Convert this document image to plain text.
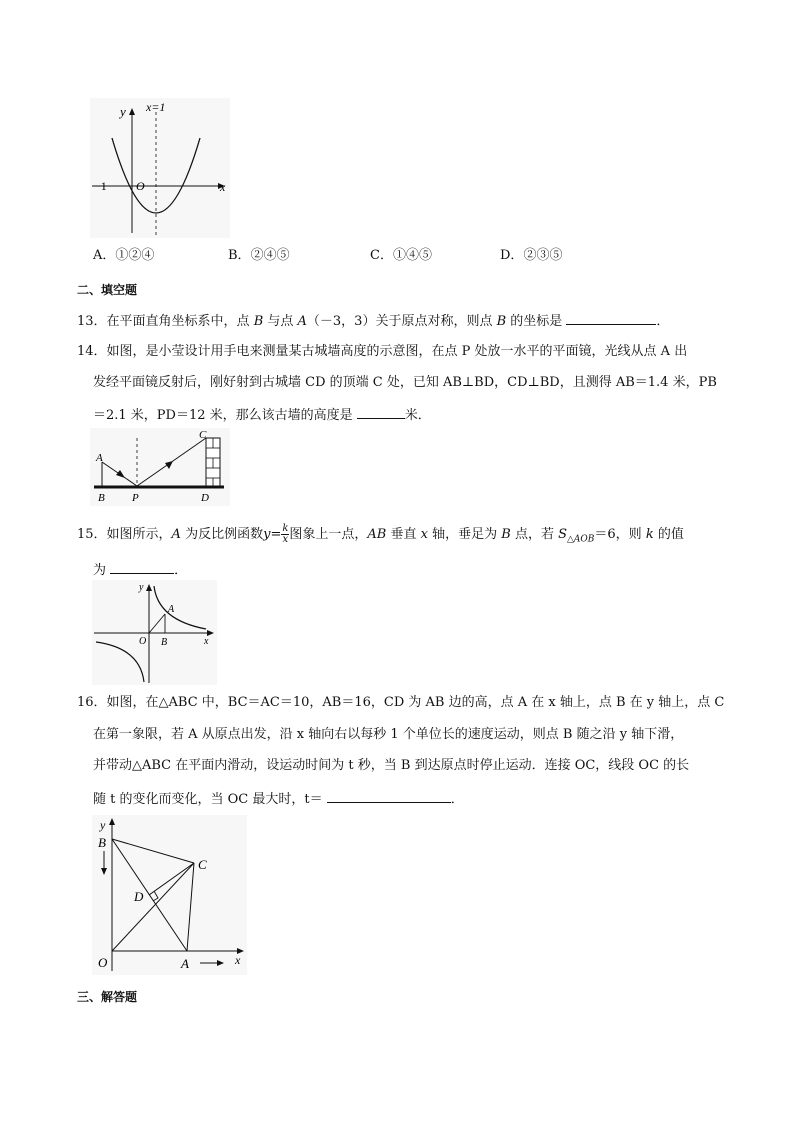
y x=1
x
O
−1
A．①②④	B．②④⑤	C．①④⑤	D．②③⑤
二、填空题
13．在平面直角坐标系中，点 B 与点 A（－3，3）关于原点对称，则点 B 的坐标是	．
14．如图，是小莹设计用手电来测量某古城墙高度的示意图，在点 P 处放一水平的平面镜，光线从点 A 出
发经平面镜反射后，刚好射到古城墙 CD 的顶端 C 处，已知 AB⊥BD，CD⊥BD，且测得 AB＝1.4 米，PB
＝2.1 米，PD＝12 米，那么该古墙的高度是	米．
A
B P
C
D
15．如图所示，A 为反比例函数$y= \frac{k}{x}$ 图象上一点，AB 垂直 x 轴，垂足为 B 点，若 $S_{\triangle AOB}=6$，则 k 的值
为	．
y
x
O
A
B
16．如图，在△ABC 中，BC＝AC＝10，AB＝16，CD 为 AB 边的高，点 A 在 x 轴上，点 B 在 y 轴上，点 C
在第一象限，若 A 从原点出发，沿 x 轴向右以每秒 1 个单位长的速度运动，则点 B 随之沿 y 轴下滑，
并带动△ABC 在平面内滑动，设运动时间为 t 秒，当 B 到达原点时停止运动．连接 OC，线段 OC 的长
随 t 的变化而变化，当 OC 最大时，t＝	．
y
B
C
D
O	A	x
三、解答题
